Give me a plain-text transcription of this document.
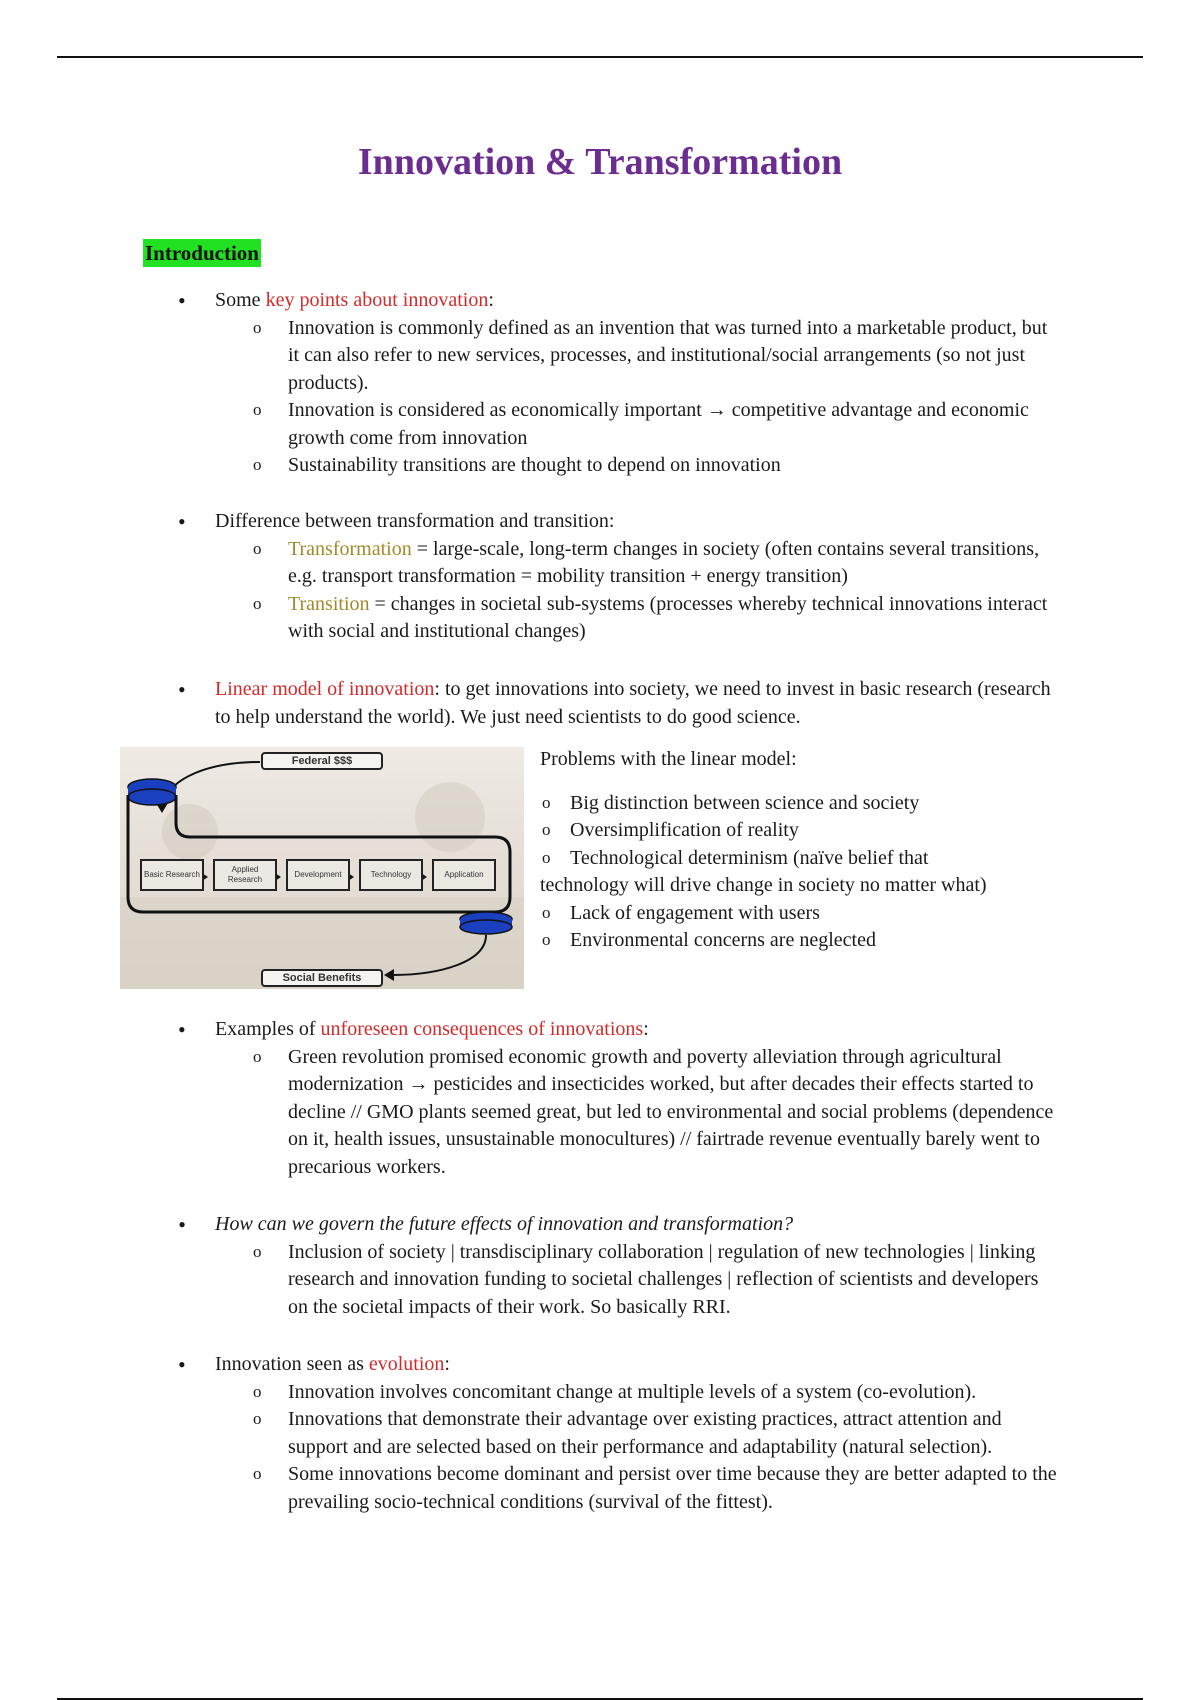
Innovation & Transformation
Introduction
• Some key points about innovation:
o Innovation is commonly defined as an invention that was turned into a marketable product, but it can also refer to new services, processes, and institutional/social arrangements (so not just products).
o Innovation is considered as economically important → competitive advantage and economic growth come from innovation
o Sustainability transitions are thought to depend on innovation
• Difference between transformation and transition:
o Transformation = large-scale, long-term changes in society (often contains several transitions, e.g. transport transformation = mobility transition + energy transition)
o Transition = changes in societal sub-systems (processes whereby technical innovations interact with social and institutional changes)
• Linear model of innovation: to get innovations into society, we need to invest in basic research (research to help understand the world). We just need scientists to do good science.
Federal $$$
Social Benefits
Basic Research
Applied Research
Development	Technology	Application
Problems with the linear model:
o Big distinction between science and society
o Oversimplification of reality
o Technological determinism (naïve belief that
technology will drive change in society no matter what)
o Lack of engagement with users
o Environmental concerns are neglected
• Examples of unforeseen consequences of innovations:
o Green revolution promised economic growth and poverty alleviation through agricultural modernization → pesticides and insecticides worked, but after decades their effects started to decline // GMO plants seemed great, but led to environmental and social problems (dependence on it, health issues, unsustainable monocultures) // fairtrade revenue eventually barely went to precarious workers.
• How can we govern the future effects of innovation and transformation?
o Inclusion of society | transdisciplinary collaboration | regulation of new technologies | linking research and innovation funding to societal challenges | reflection of scientists and developers on the societal impacts of their work. So basically RRI.
• Innovation seen as evolution:
o Innovation involves concomitant change at multiple levels of a system (co-evolution).
o Innovations that demonstrate their advantage over existing practices, attract attention and support and are selected based on their performance and adaptability (natural selection).
o Some innovations become dominant and persist over time because they are better adapted to the prevailing socio-technical conditions (survival of the fittest).
